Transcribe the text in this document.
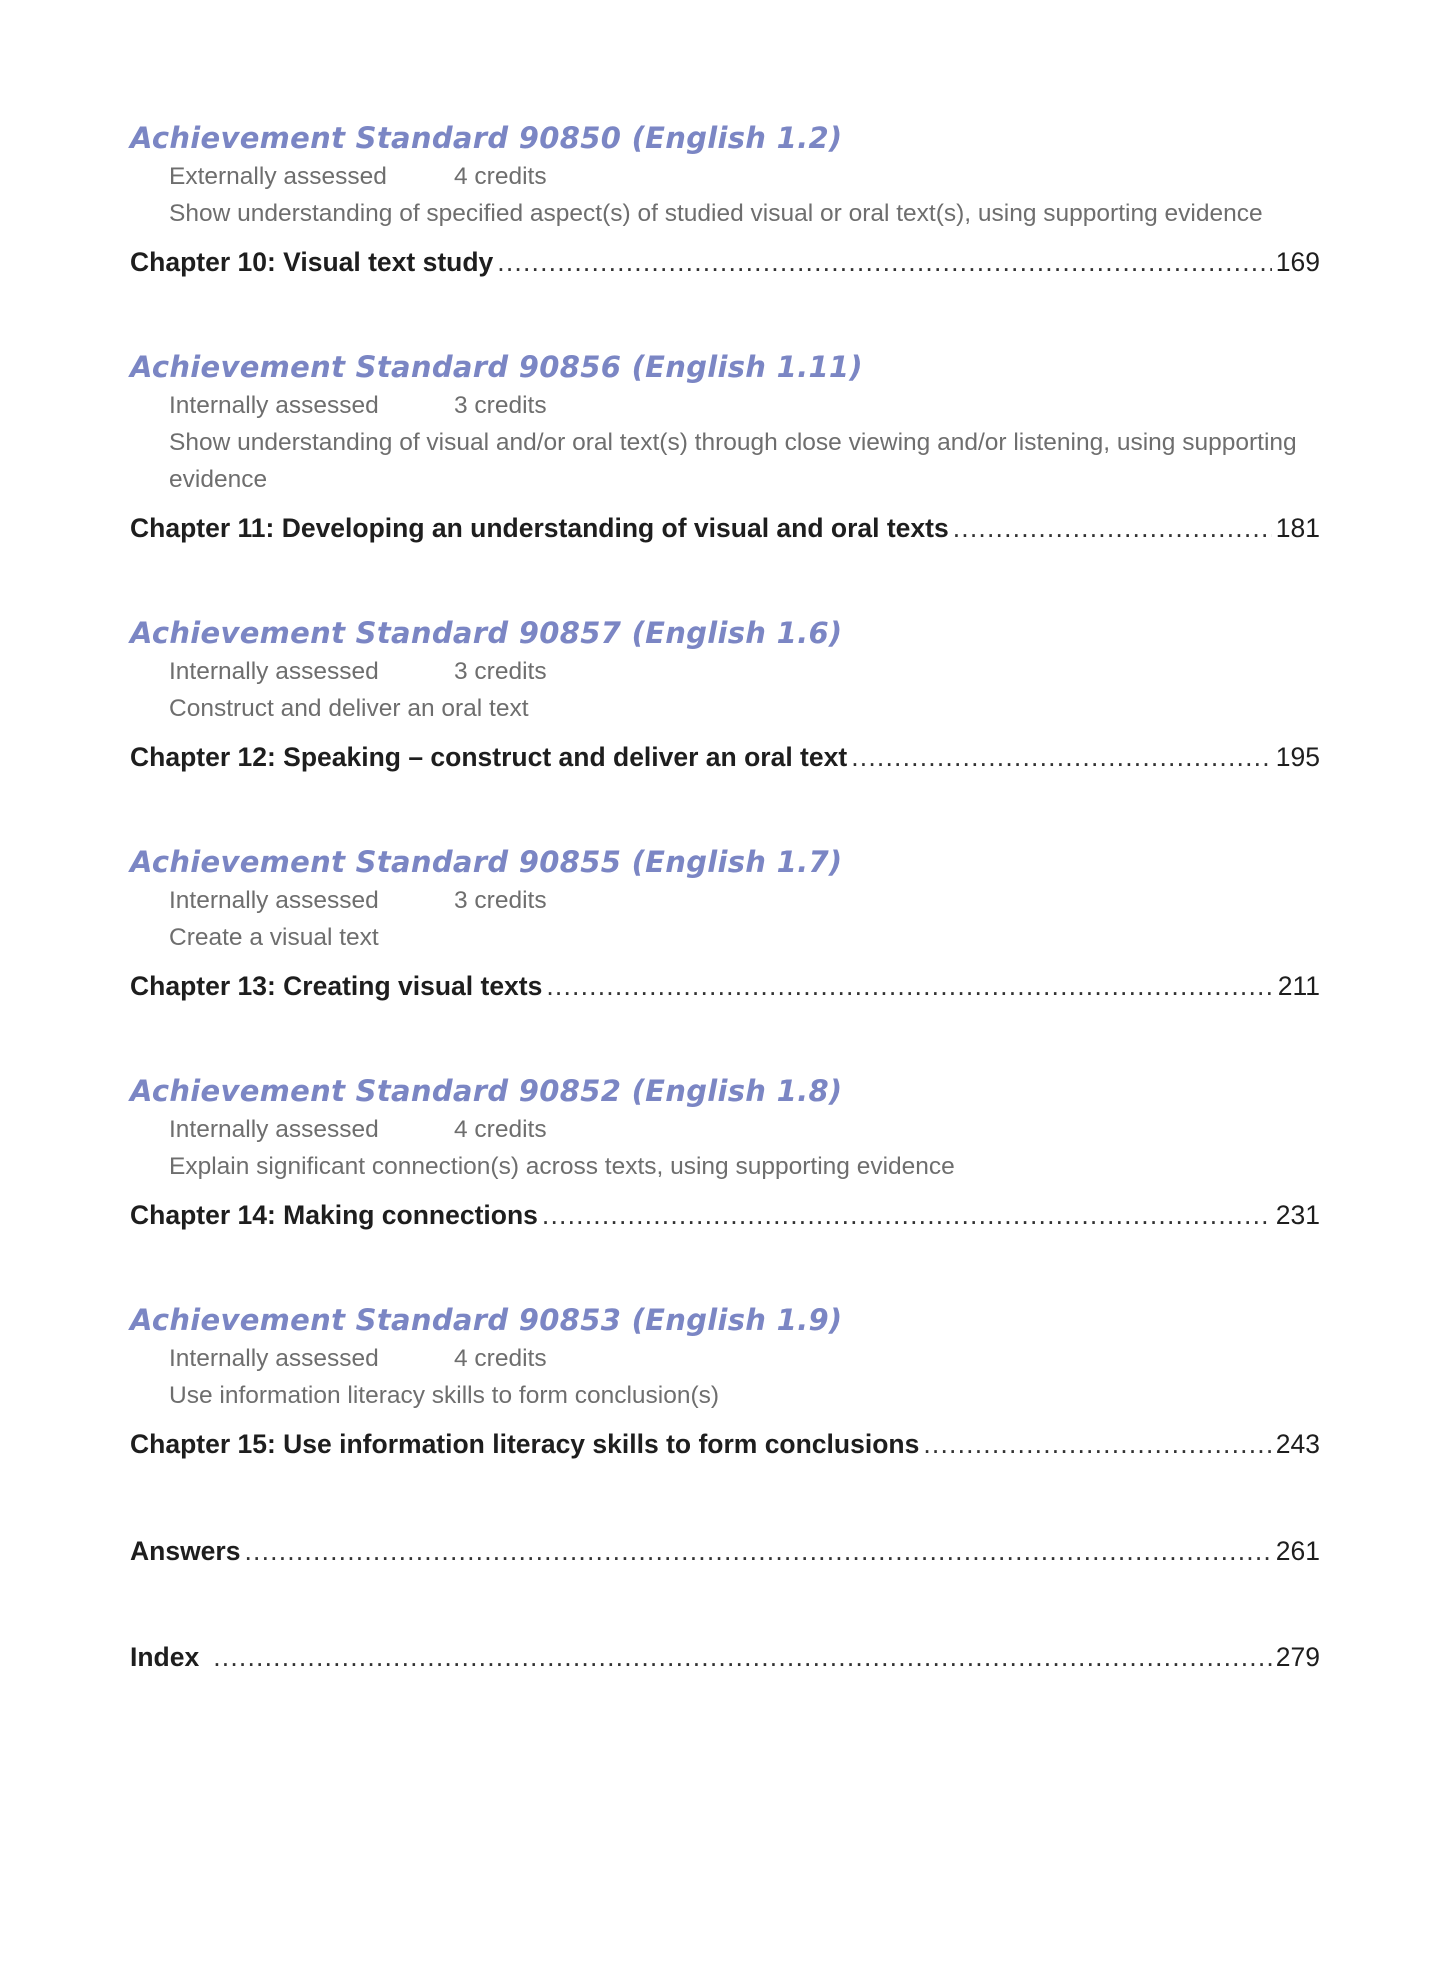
Achievement Standard 90850 (English 1.2)
Externally assessed	4 credits
Show understanding of specified aspect(s) of studied visual or oral text(s), using supporting evidence
Chapter 10: Visual text study .....	169
Achievement Standard 90856 (English 1.11)
Internally assessed	3 credits
Show understanding of visual and/or oral text(s) through close viewing and/or listening, using supporting evidence
Chapter 11: Developing an understanding of visual and oral texts .....	181
Achievement Standard 90857 (English 1.6)
Internally assessed	3 credits
Construct and deliver an oral text
Chapter 12: Speaking – construct and deliver an oral text .....	195
Achievement Standard 90855 (English 1.7)
Internally assessed	3 credits
Create a visual text
Chapter 13: Creating visual texts .....	211
Achievement Standard 90852 (English 1.8)
Internally assessed	4 credits
Explain significant connection(s) across texts, using supporting evidence
Chapter 14: Making connections .....	231
Achievement Standard 90853 (English 1.9)
Internally assessed	4 credits
Use information literacy skills to form conclusion(s)
Chapter 15: Use information literacy skills to form conclusions .....	243
Answers .....	261
Index .....	279
